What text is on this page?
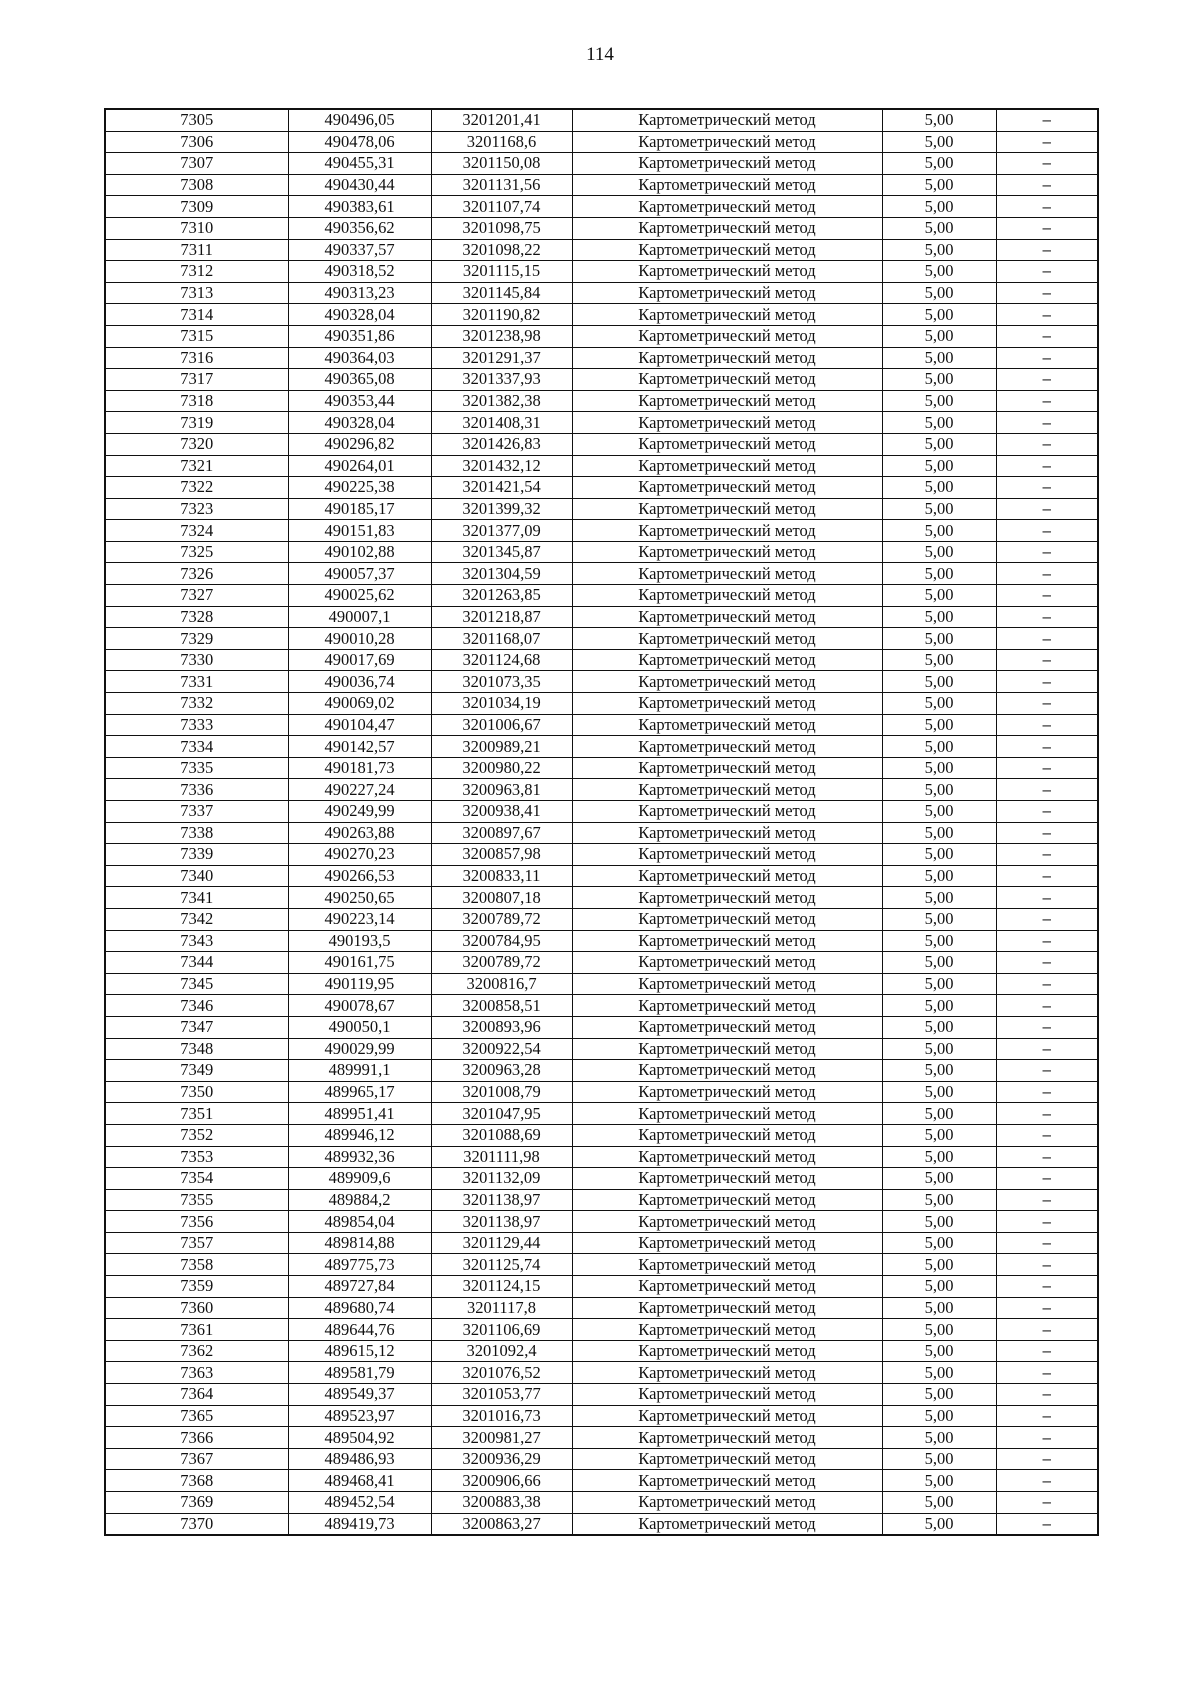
114
7305	490496,05	3201201,41	Картометрический метод	5,00	–
7306	490478,06	3201168,6	Картометрический метод	5,00	–
7307	490455,31	3201150,08	Картометрический метод	5,00	–
7308	490430,44	3201131,56	Картометрический метод	5,00	–
7309	490383,61	3201107,74	Картометрический метод	5,00	–
7310	490356,62	3201098,75	Картометрический метод	5,00	–
7311	490337,57	3201098,22	Картометрический метод	5,00	–
7312	490318,52	3201115,15	Картометрический метод	5,00	–
7313	490313,23	3201145,84	Картометрический метод	5,00	–
7314	490328,04	3201190,82	Картометрический метод	5,00	–
7315	490351,86	3201238,98	Картометрический метод	5,00	–
7316	490364,03	3201291,37	Картометрический метод	5,00	–
7317	490365,08	3201337,93	Картометрический метод	5,00	–
7318	490353,44	3201382,38	Картометрический метод	5,00	–
7319	490328,04	3201408,31	Картометрический метод	5,00	–
7320	490296,82	3201426,83	Картометрический метод	5,00	–
7321	490264,01	3201432,12	Картометрический метод	5,00	–
7322	490225,38	3201421,54	Картометрический метод	5,00	–
7323	490185,17	3201399,32	Картометрический метод	5,00	–
7324	490151,83	3201377,09	Картометрический метод	5,00	–
7325	490102,88	3201345,87	Картометрический метод	5,00	–
7326	490057,37	3201304,59	Картометрический метод	5,00	–
7327	490025,62	3201263,85	Картометрический метод	5,00	–
7328	490007,1	3201218,87	Картометрический метод	5,00	–
7329	490010,28	3201168,07	Картометрический метод	5,00	–
7330	490017,69	3201124,68	Картометрический метод	5,00	–
7331	490036,74	3201073,35	Картометрический метод	5,00	–
7332	490069,02	3201034,19	Картометрический метод	5,00	–
7333	490104,47	3201006,67	Картометрический метод	5,00	–
7334	490142,57	3200989,21	Картометрический метод	5,00	–
7335	490181,73	3200980,22	Картометрический метод	5,00	–
7336	490227,24	3200963,81	Картометрический метод	5,00	–
7337	490249,99	3200938,41	Картометрический метод	5,00	–
7338	490263,88	3200897,67	Картометрический метод	5,00	–
7339	490270,23	3200857,98	Картометрический метод	5,00	–
7340	490266,53	3200833,11	Картометрический метод	5,00	–
7341	490250,65	3200807,18	Картометрический метод	5,00	–
7342	490223,14	3200789,72	Картометрический метод	5,00	–
7343	490193,5	3200784,95	Картометрический метод	5,00	–
7344	490161,75	3200789,72	Картометрический метод	5,00	–
7345	490119,95	3200816,7	Картометрический метод	5,00	–
7346	490078,67	3200858,51	Картометрический метод	5,00	–
7347	490050,1	3200893,96	Картометрический метод	5,00	–
7348	490029,99	3200922,54	Картометрический метод	5,00	–
7349	489991,1	3200963,28	Картометрический метод	5,00	–
7350	489965,17	3201008,79	Картометрический метод	5,00	–
7351	489951,41	3201047,95	Картометрический метод	5,00	–
7352	489946,12	3201088,69	Картометрический метод	5,00	–
7353	489932,36	3201111,98	Картометрический метод	5,00	–
7354	489909,6	3201132,09	Картометрический метод	5,00	–
7355	489884,2	3201138,97	Картометрический метод	5,00	–
7356	489854,04	3201138,97	Картометрический метод	5,00	–
7357	489814,88	3201129,44	Картометрический метод	5,00	–
7358	489775,73	3201125,74	Картометрический метод	5,00	–
7359	489727,84	3201124,15	Картометрический метод	5,00	–
7360	489680,74	3201117,8	Картометрический метод	5,00	–
7361	489644,76	3201106,69	Картометрический метод	5,00	–
7362	489615,12	3201092,4	Картометрический метод	5,00	–
7363	489581,79	3201076,52	Картометрический метод	5,00	–
7364	489549,37	3201053,77	Картометрический метод	5,00	–
7365	489523,97	3201016,73	Картометрический метод	5,00	–
7366	489504,92	3200981,27	Картометрический метод	5,00	–
7367	489486,93	3200936,29	Картометрический метод	5,00	–
7368	489468,41	3200906,66	Картометрический метод	5,00	–
7369	489452,54	3200883,38	Картометрический метод	5,00	–
7370	489419,73	3200863,27	Картометрический метод	5,00	–
